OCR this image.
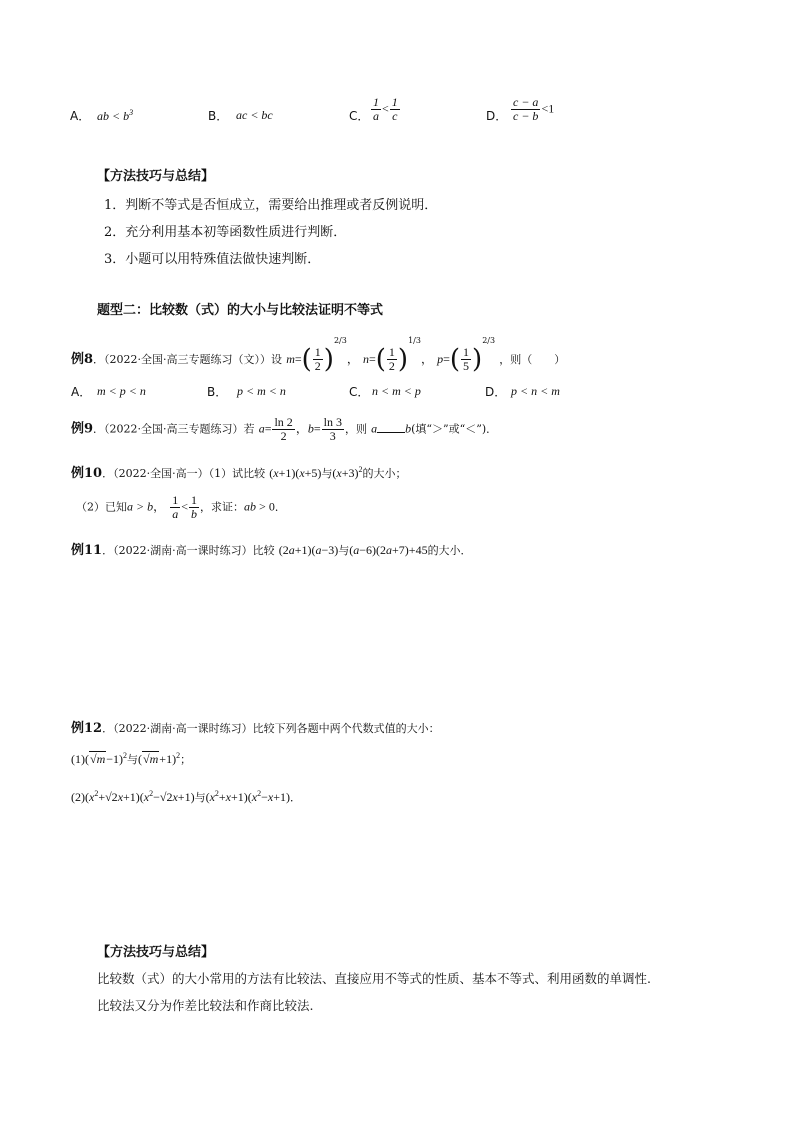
A． ab < $b^3$	B． ac < bc	C． $\frac{1}{a} < \frac{1}{c}$	D． $\frac{c - a}{c - b} <1$
【方法技巧与总结】
1．判断不等式是否恒成立，需要给出推理或者反例说明．
2．充分利用基本初等函数性质进行判断．
3．小题可以用特殊值法做快速判断．
题型二：比较数（式）的大小与比较法证明不等式
例8．（2022·全国·高三专题练习（文））设 $m=( \frac{1}{2} )^{2/3}$， $n=( \frac{1}{2} )^{1/3}$， $p=( \frac{1}{5} )^{2/3}$ ，则（　　）
A． m < p < n	B． p < m < n	C． n < m < p	D． p < n < m
例9．（2022·全国·高三专题练习）若 $a= \frac{\ln 2}{2}$ ，$b= \frac{\ln 3}{3}$ ，则 a b(填“＞”或“＜”)．
例10．（2022·全国·高一）（1）试比较 (x+1)(x+5)与$(x+3)^2$的大小；
（2）已知a > b， $\frac{1}{a} < \frac{1}{b}$ ，求证：ab > 0．
例11．（2022·湖南·高一课时练习）比较 (2a+1)(a−3)与(a−6)(2a+7)+45的大小．
例12．（2022·湖南·高一课时练习）比较下列各题中两个代数式值的大小：
$(1)(√m-1)^2$与$(√m+1)^2$；
$(2)(x^2+√2x+1)(x^2-√2x+1)$与$(x^2+x+1)(x^2-x+1)$．
【方法技巧与总结】
比较数（式）的大小常用的方法有比较法、直接应用不等式的性质、基本不等式、利用函数的单调性.
比较法又分为作差比较法和作商比较法.
